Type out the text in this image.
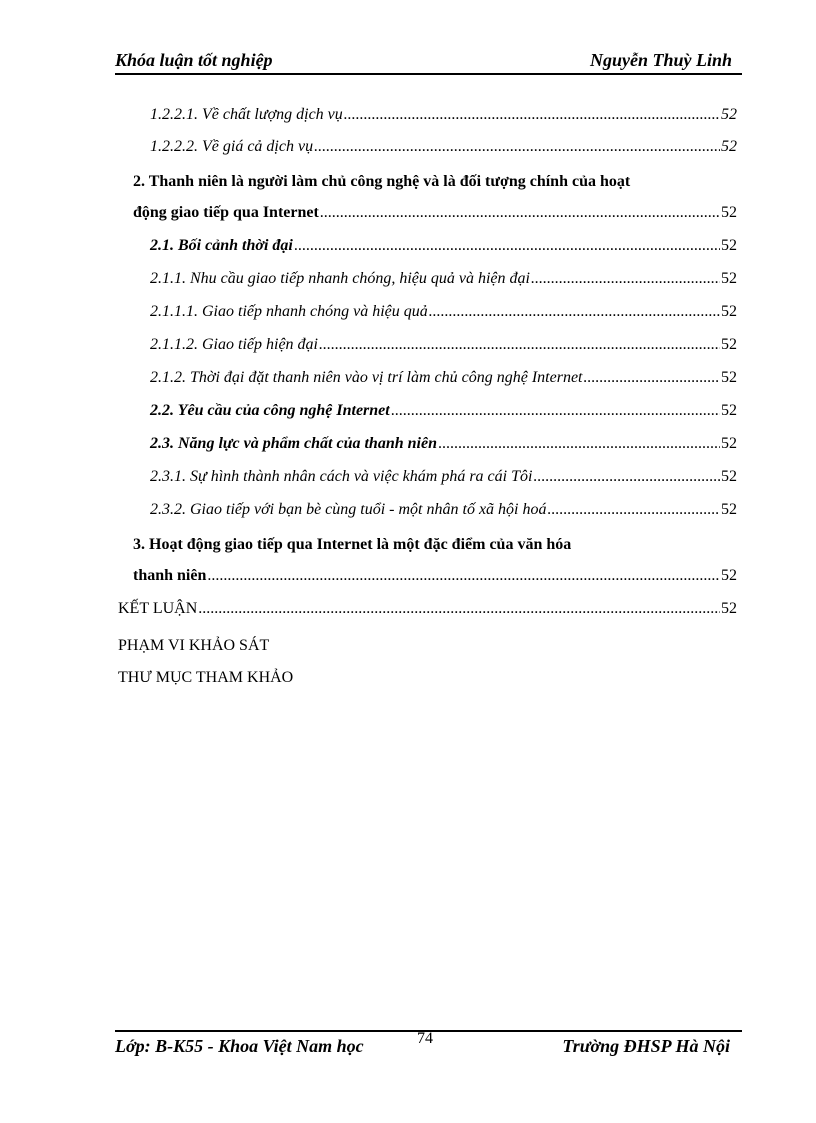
Khóa luận tốt nghiệp	Nguyễn Thuỳ Linh
1.2.2.1. Về chất lượng dịch vụ .....	52
1.2.2.2. Về giá cả dịch vụ .....	52
2. Thanh niên là người làm chủ công nghệ và là đối tượng chính của hoạt
động giao tiếp qua Internet .....	52
2.1. Bối cảnh thời đại .....	52
2.1.1. Nhu cầu giao tiếp nhanh chóng, hiệu quả và hiện đại .....	52
2.1.1.1. Giao tiếp nhanh chóng và hiệu quả .....	52
2.1.1.2. Giao tiếp hiện đại .....	52
2.1.2. Thời đại đặt thanh niên vào vị trí làm chủ công nghệ Internet .....	52
2.2. Yêu cầu của công nghệ Internet .....	52
2.3. Năng lực và phẩm chất của thanh niên .....	52
2.3.1. Sự hình thành nhân cách và việc khám phá ra cái Tôi .....	52
2.3.2. Giao tiếp với bạn bè cùng tuổi - một nhân tố xã hội hoá .....	52
3. Hoạt động giao tiếp qua Internet là một đặc điểm của văn hóa
thanh niên .....	52
KẾT LUẬN .....	52
PHẠM VI KHẢO SÁT
THƯ MỤC THAM KHẢO
Lớp: B-K55 - Khoa Việt Nam học	74	Trường ĐHSP Hà Nội
